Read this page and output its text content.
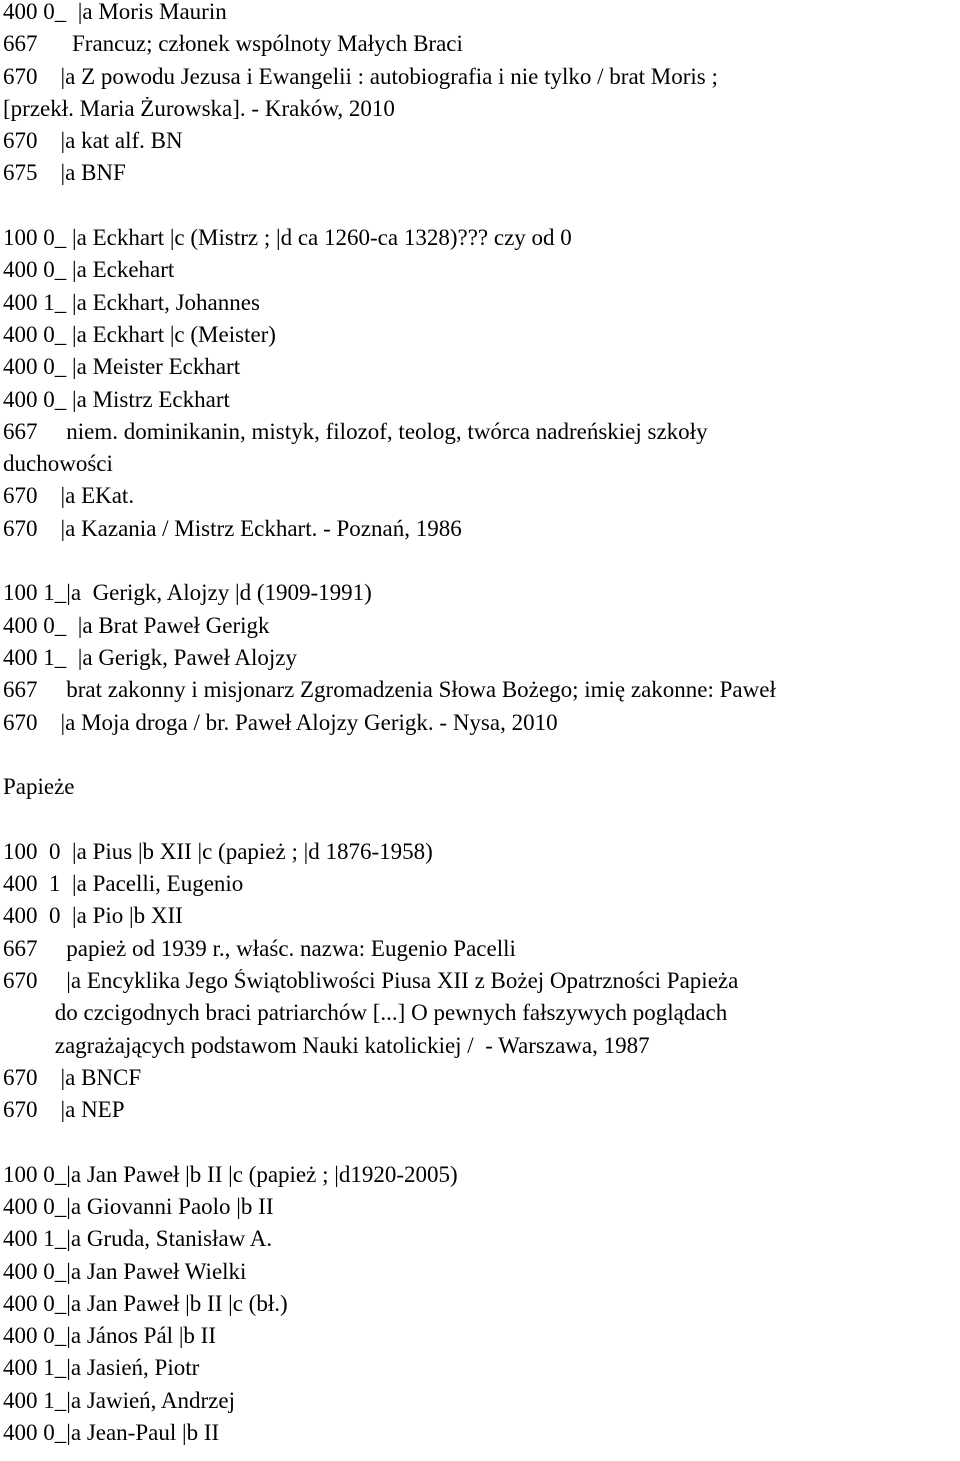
400 0_  |a Moris Maurin
667      Francuz; członek wspólnoty Małych Braci
670    |a Z powodu Jezusa i Ewangelii : autobiografia i nie tylko / brat Moris ;
[przekł. Maria Żurowska]. - Kraków, 2010
670    |a kat alf. BN
675    |a BNF
100 0_ |a Eckhart |c (Mistrz ; |d ca 1260-ca 1328)??? czy od 0
400 0_ |a Eckehart
400 1_ |a Eckhart, Johannes
400 0_ |a Eckhart |c (Meister)
400 0_ |a Meister Eckhart
400 0_ |a Mistrz Eckhart
667     niem. dominikanin, mistyk, filozof, teolog, twórca nadreńskiej szkoły
duchowości
670    |a EKat.
670    |a Kazania / Mistrz Eckhart. - Poznań, 1986
100 1_|a  Gerigk, Alojzy |d (1909-1991)
400 0_  |a Brat Paweł Gerigk
400 1_  |a Gerigk, Paweł Alojzy
667     brat zakonny i misjonarz Zgromadzenia Słowa Bożego; imię zakonne: Paweł
670    |a Moja droga / br. Paweł Alojzy Gerigk. - Nysa, 2010
Papieże
100  0  |a Pius |b XII |c (papież ; |d 1876-1958)
400  1  |a Pacelli, Eugenio
400  0  |a Pio |b XII
667     papież od 1939 r., właśc. nazwa: Eugenio Pacelli
670     |a Encyklika Jego Świątobliwości Piusa XII z Bożej Opatrzności Papieża
do czcigodnych braci patriarchów [...] O pewnych fałszywych poglądach
zagrażających podstawom Nauki katolickiej /  - Warszawa, 1987
670    |a BNCF
670    |a NEP
100 0_|a Jan Paweł |b II |c (papież ; |d1920-2005)
400 0_|a Giovanni Paolo |b II
400 1_|a Gruda, Stanisław A.
400 0_|a Jan Paweł Wielki
400 0_|a Jan Paweł |b II |c (bł.)
400 0_|a János Pál |b II
400 1_|a Jasień, Piotr
400 1_|a Jawień, Andrzej
400 0_|a Jean-Paul |b II
